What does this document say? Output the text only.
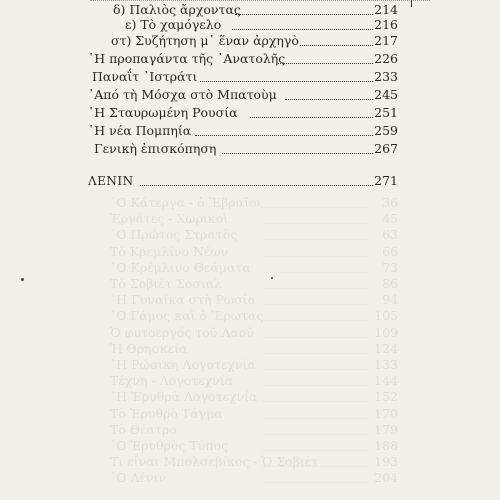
῾Ο Κάτεργα - ὁ Ἔβραῖοι	36
Ἐργάτες - Χωρικοὶ	45
῾Ο Πρώτος Στρατὸς	63
Τὸ Κρεμλίνο Νέων	66
῾Ο Κρέμλινο Θεάματα	73
Τὸ Σοβιὲτ Σοσιαλ	86
῾Η Γυναίκα στὴ Ρωσία	94
῾Ο Γάμος καὶ ὁ Ἔρωτας	105
Ὁ φυτοεργός τοῦ Λαοῦ	109
Ἡ Θρησκεία	124
῾Η Ρώσικη Λογοτεχνία	133
Τέχνη - Λογοτεχνία	144
῾Η Ἐρυθρὰ Λογοτεχνία	152
Τὸ Ἐρυθρὸ Τάγμα	170
Τὸ Θέατρο	179
῾Ο Ἐρυθρὸς Τύπος	188
Τι εἶναι Μπολσεβίκος - Ὁ Σοβιὲτ	193
῾Ο Λένιν	204
δ) Παλιὸς ἄρχοντας	214
ε) Τὸ χαμόγελο	216
στ) Συζήτηση μ᾽ ἕναν ἀρχηγὸ	217
῾Η προπαγάντα τῆς ᾽Ανατολῆς	226
Παναΐτ ᾽Ιστράτι	233
᾽Από τὴ Μόσχα στὸ Μπατοὺμ	245
῾Η Σταυρωμένη Ρουσία	251
῾Η νέα Πομπηία	259
Γενικὴ ἐπισκόπηση	267
ΛΕΝΙΝ	271
